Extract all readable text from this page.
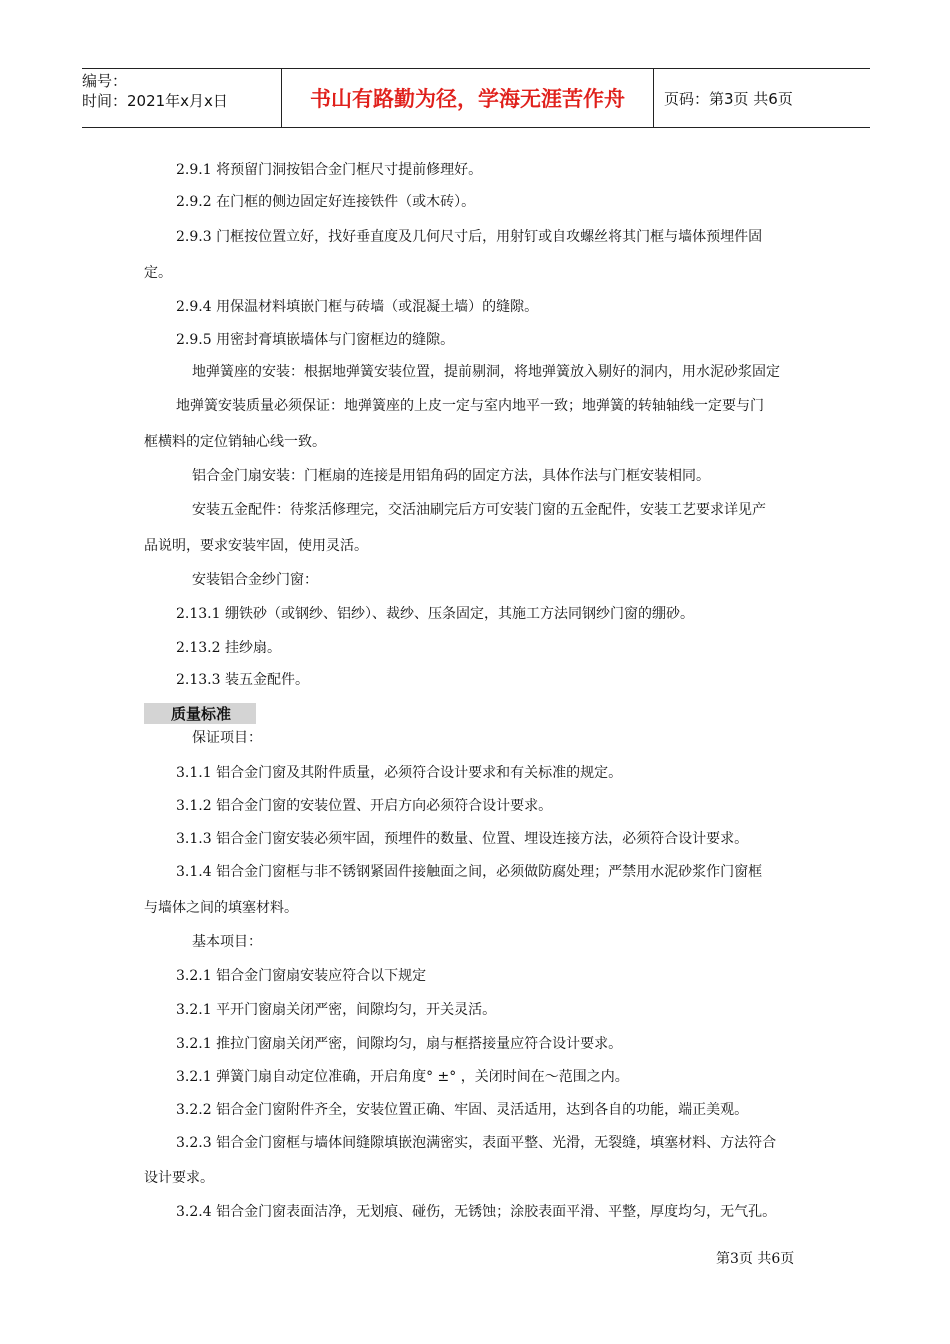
编号：
时间：2021年x月x日	书山有路勤为径，学海无涯苦作舟	页码：第3页 共6页
2.9.1 将预留门洞按铝合金门框尺寸提前修理好。
2.9.2 在门框的侧边固定好连接铁件（或木砖）。
2.9.3 门框按位置立好，找好垂直度及几何尺寸后，用射钉或自攻螺丝将其门框与墙体预埋件固
定。
2.9.4 用保温材料填嵌门框与砖墙（或混凝土墙）的缝隙。
2.9.5 用密封膏填嵌墙体与门窗框边的缝隙。
地弹簧座的安装：根据地弹簧安装位置，提前剔洞，将地弹簧放入剔好的洞内，用水泥砂浆固定
地弹簧安装质量必须保证：地弹簧座的上皮一定与室内地平一致；地弹簧的转轴轴线一定要与门
框横料的定位销轴心线一致。
铝合金门扇安装：门框扇的连接是用铝角码的固定方法，具体作法与门框安装相同。
安装五金配件：待浆活修理完，交活油刷完后方可安装门窗的五金配件，安装工艺要求详见产
品说明，要求安装牢固，使用灵活。
安装铝合金纱门窗：
2.13.1 绷铁砂（或钢纱、铝纱）、裁纱、压条固定，其施工方法同钢纱门窗的绷砂。
2.13.2 挂纱扇。
2.13.3 装五金配件。
质量标准
保证项目：
3.1.1 铝合金门窗及其附件质量，必须符合设计要求和有关标准的规定。
3.1.2 铝合金门窗的安装位置、开启方向必须符合设计要求。
3.1.3 铝合金门窗安装必须牢固，预埋件的数量、位置、埋设连接方法，必须符合设计要求。
3.1.4 铝合金门窗框与非不锈钢紧固件接触面之间，必须做防腐处理；严禁用水泥砂浆作门窗框
与墙体之间的填塞材料。
基本项目：
3.2.1 铝合金门窗扇安装应符合以下规定
3.2.1 平开门窗扇关闭严密，间隙均匀，开关灵活。
3.2.1 推拉门窗扇关闭严密，间隙均匀，扇与框搭接量应符合设计要求。
3.2.1 弹簧门扇自动定位准确，开启角度° ±° ，关闭时间在～范围之内。
3.2.2 铝合金门窗附件齐全，安装位置正确、牢固、灵活适用，达到各自的功能，端正美观。
3.2.3 铝合金门窗框与墙体间缝隙填嵌泡满密实，表面平整、光滑，无裂缝，填塞材料、方法符合
设计要求。
3.2.4 铝合金门窗表面洁净，无划痕、碰伤，无锈蚀；涂胶表面平滑、平整，厚度均匀，无气孔。
第3页 共6页
